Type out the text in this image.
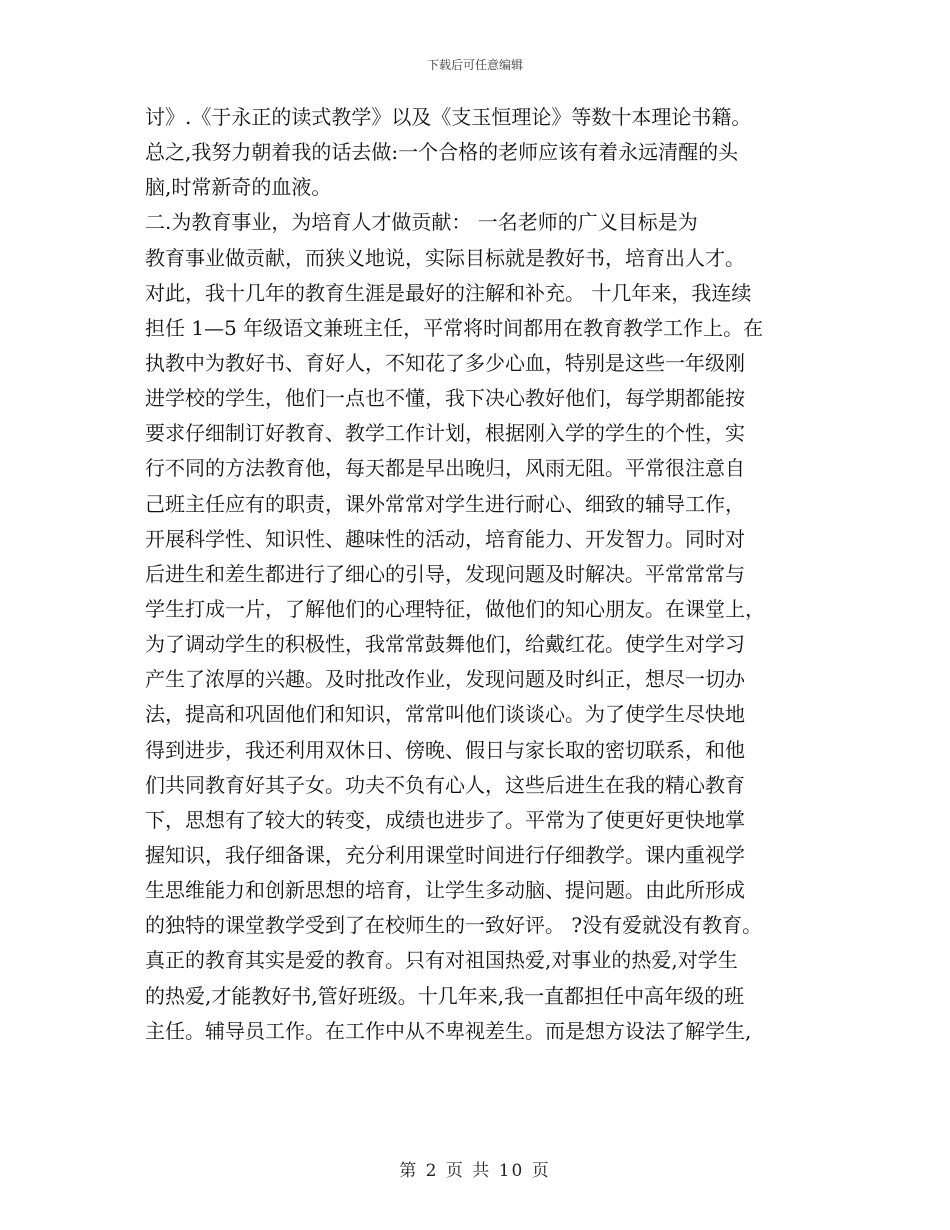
下载后可任意编辑
讨》.《于永正的读式教学》以及《支玉恒理论》等数十本理论书籍。
总之,我努力朝着我的话去做:一个合格的老师应该有着永远清醒的头
脑,时常新奇的血液。
二.为教育事业，为培育人才做贡献： 一名老师的广义目标是为
教育事业做贡献，而狭义地说，实际目标就是教好书，培育出人才。
对此，我十几年的教育生涯是最好的注解和补充。 十几年来，我连续
担任 1—5 年级语文兼班主任，平常将时间都用在教育教学工作上。在
执教中为教好书、育好人，不知花了多少心血，特别是这些一年级刚
进学校的学生，他们一点也不懂，我下决心教好他们，每学期都能按
要求仔细制订好教育、教学工作计划，根据刚入学的学生的个性，实
行不同的方法教育他，每天都是早出晚归，风雨无阻。平常很注意自
己班主任应有的职责，课外常常对学生进行耐心、细致的辅导工作，
开展科学性、知识性、趣味性的活动，培育能力、开发智力。同时对
后进生和差生都进行了细心的引导，发现问题及时解决。平常常常与
学生打成一片，了解他们的心理特征，做他们的知心朋友。在课堂上，
为了调动学生的积极性，我常常鼓舞他们，给戴红花。使学生对学习
产生了浓厚的兴趣。及时批改作业，发现问题及时纠正，想尽一切办
法，提高和巩固他们和知识，常常叫他们谈谈心。为了使学生尽快地
得到进步，我还利用双休日、傍晚、假日与家长取的密切联系，和他
们共同教育好其子女。功夫不负有心人，这些后进生在我的精心教育
下，思想有了较大的转变，成绩也进步了。平常为了使更好更快地掌
握知识，我仔细备课，充分利用课堂时间进行仔细教学。课内重视学
生思维能力和创新思想的培育，让学生多动脑、提问题。由此所形成
的独特的课堂教学受到了在校师生的一致好评。 ?没有爱就没有教育。
真正的教育其实是爱的教育。只有对祖国热爱,对事业的热爱,对学生
的热爱,才能教好书,管好班级。十几年来,我一直都担任中高年级的班
主任。辅导员工作。在工作中从不卑视差生。而是想方设法了解学生,
第 2 页 共 10 页
